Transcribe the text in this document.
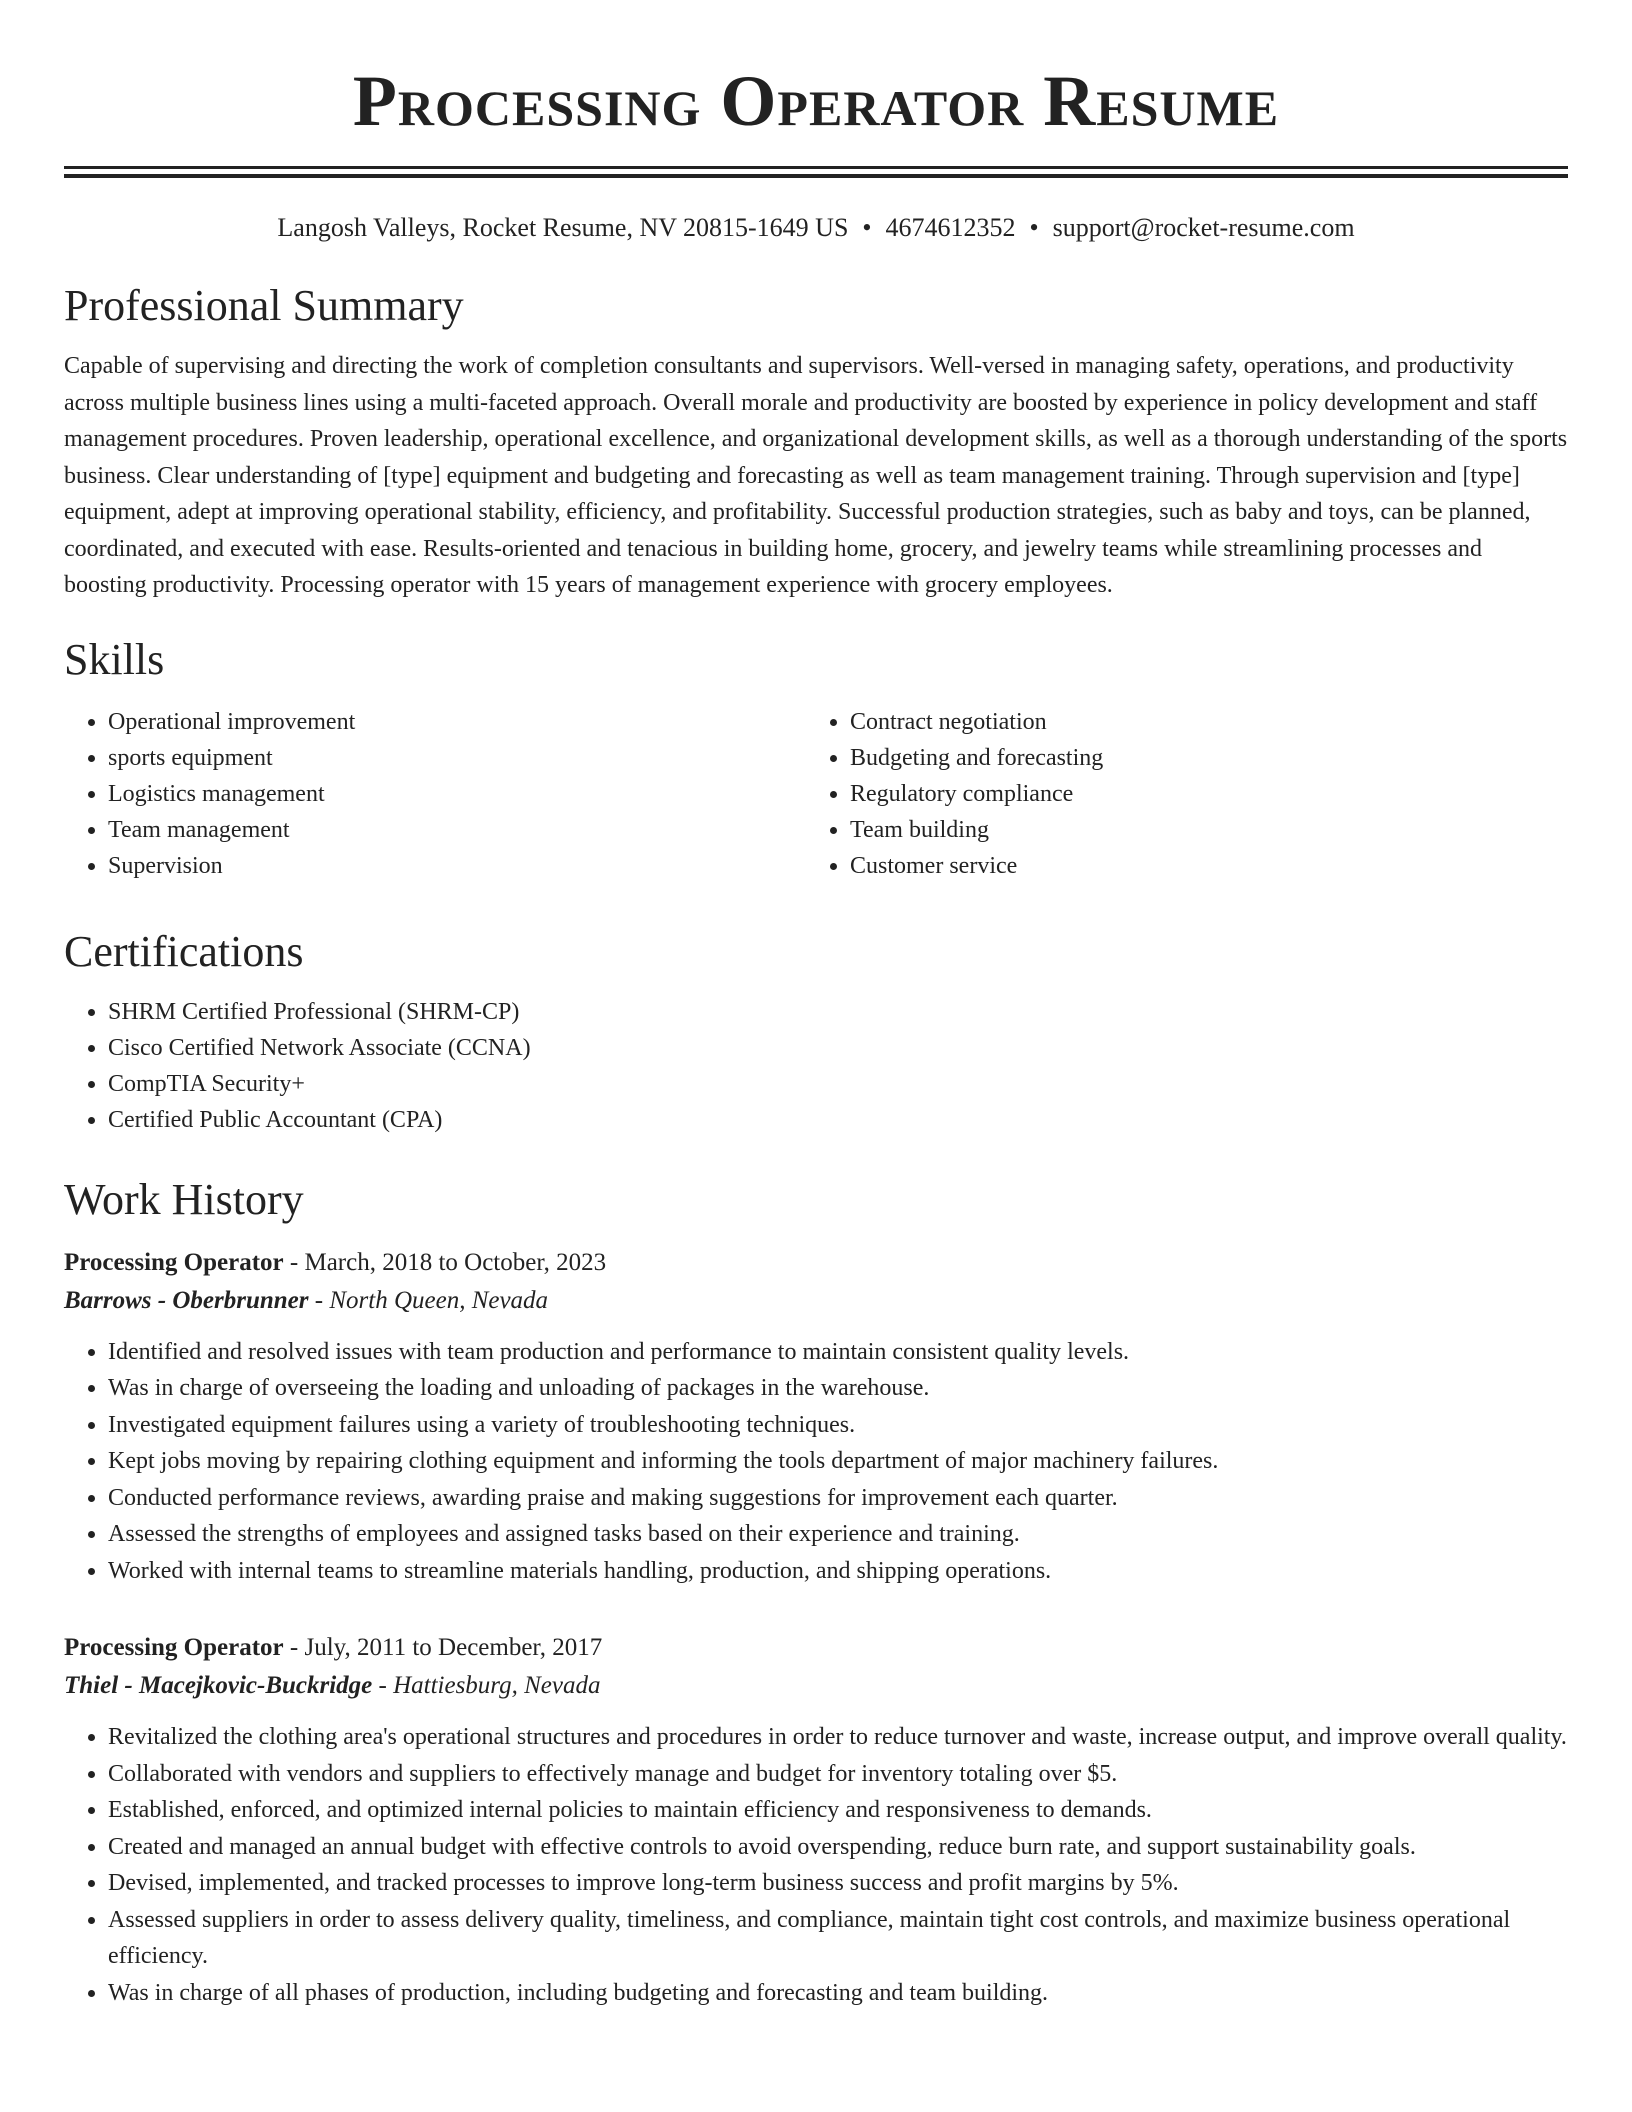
Processing Operator Resume
Langosh Valleys, Rocket Resume, NV 20815-1649 US • 4674612352 • support@rocket-resume.com
Professional Summary

Capable of supervising and directing the work of completion consultants and supervisors. Well-versed in managing safety, operations, and productivity across multiple business lines using a multi-faceted approach. Overall morale and productivity are boosted by experience in policy development and staff management procedures. Proven leadership, operational excellence, and organizational development skills, as well as a thorough understanding of the sports business. Clear understanding of [type] equipment and budgeting and forecasting as well as team management training. Through supervision and [type] equipment, adept at improving operational stability, efficiency, and profitability. Successful production strategies, such as baby and toys, can be planned, coordinated, and executed with ease. Results-oriented and tenacious in building home, grocery, and jewelry teams while streamlining processes and boosting productivity. Processing operator with 15 years of management experience with grocery employees.

Skills
• Operational improvement
• sports equipment
• Logistics management
• Team management
• Supervision
• Contract negotiation
• Budgeting and forecasting
• Regulatory compliance
• Team building
• Customer service
Certifications
• SHRM Certified Professional (SHRM-CP)
• Cisco Certified Network Associate (CCNA)
• CompTIA Security+
• Certified Public Accountant (CPA)
Work History
Processing Operator - March, 2018 to October, 2023
Barrows - Oberbrunner - North Queen, Nevada
• Identified and resolved issues with team production and performance to maintain consistent quality levels.
• Was in charge of overseeing the loading and unloading of packages in the warehouse.
• Investigated equipment failures using a variety of troubleshooting techniques.
• Kept jobs moving by repairing clothing equipment and informing the tools department of major machinery failures.
• Conducted performance reviews, awarding praise and making suggestions for improvement each quarter.
• Assessed the strengths of employees and assigned tasks based on their experience and training.
• Worked with internal teams to streamline materials handling, production, and shipping operations.
Processing Operator - July, 2011 to December, 2017
Thiel - Macejkovic-Buckridge - Hattiesburg, Nevada
• Revitalized the clothing area's operational structures and procedures in order to reduce turnover and waste, increase output, and improve overall quality.
• Collaborated with vendors and suppliers to effectively manage and budget for inventory totaling over $5.
• Established, enforced, and optimized internal policies to maintain efficiency and responsiveness to demands.
• Created and managed an annual budget with effective controls to avoid overspending, reduce burn rate, and support sustainability goals.
• Devised, implemented, and tracked processes to improve long-term business success and profit margins by 5%.
• Assessed suppliers in order to assess delivery quality, timeliness, and compliance, maintain tight cost controls, and maximize business operational efficiency.
• Was in charge of all phases of production, including budgeting and forecasting and team building.
